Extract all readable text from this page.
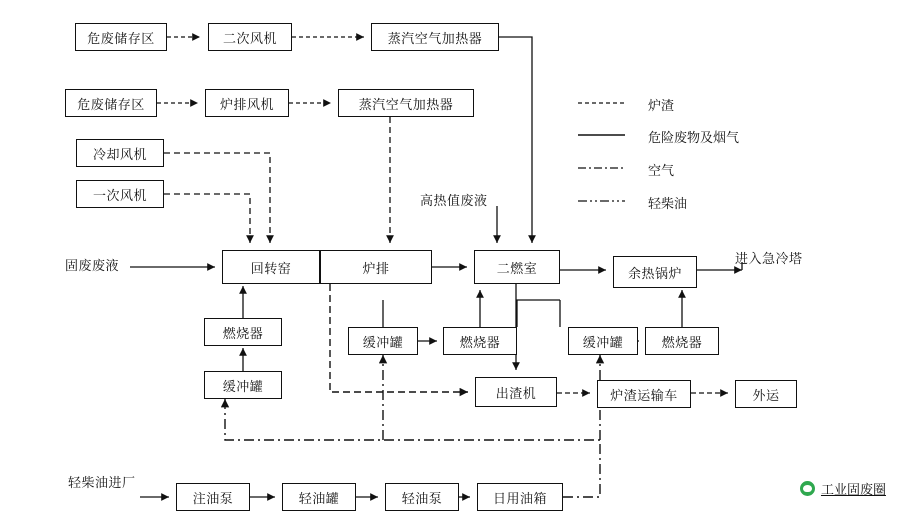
危废储存区	二次风机	蒸汽空气加热器
危废储存区	炉排风机	蒸汽空气加热器
冷却风机
一次风机
回转窑	炉排	二燃室	余热锅炉
燃烧器
缓冲罐
缓冲罐	燃烧器	缓冲罐	燃烧器
出渣机	炉渣运输车	外运
注油泵	轻油罐	轻油泵	日用油箱
高热值废液
固废废液	进入急冷塔
轻柴油进厂
炉渣
危险废物及烟气
空气
轻柴油
工业固废圈
